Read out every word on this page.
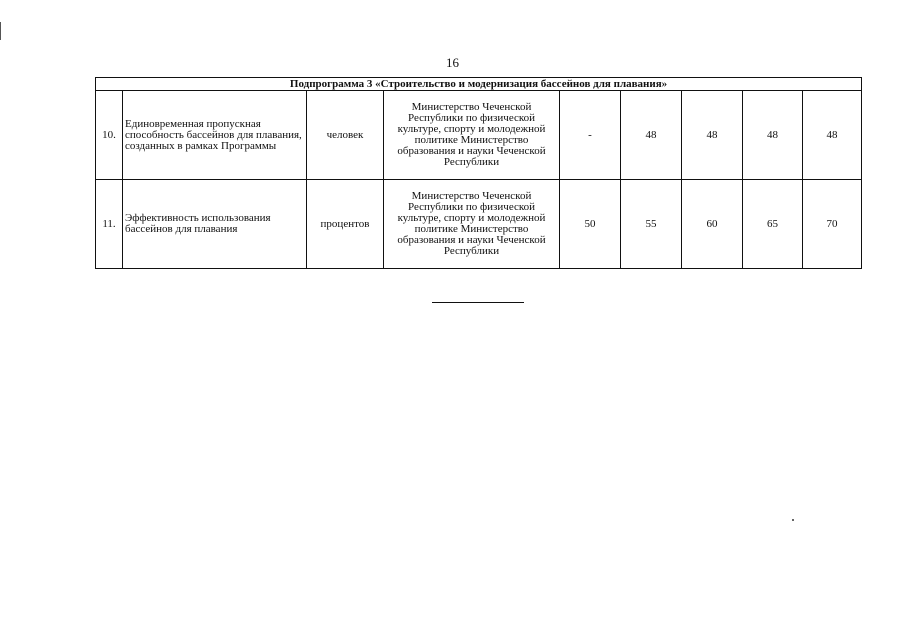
16
Подпрограмма 3 «Строительство и модернизация бассейнов для плавания»								
10.	Единовременная пропускная способность бассейнов для плавания, созданных в рамках Программы	человек	Министерство Чеченской Республики по физической культуре, спорту и молодежной политике Министерство образования и науки Чеченской Республики	-	48	48	48	48
11.	Эффективность использования бассейнов для плавания	процентов	Министерство Чеченской Республики по физической культуре, спорту и молодежной политике Министерство образования и науки Чеченской Республики	50	55	60	65	70
